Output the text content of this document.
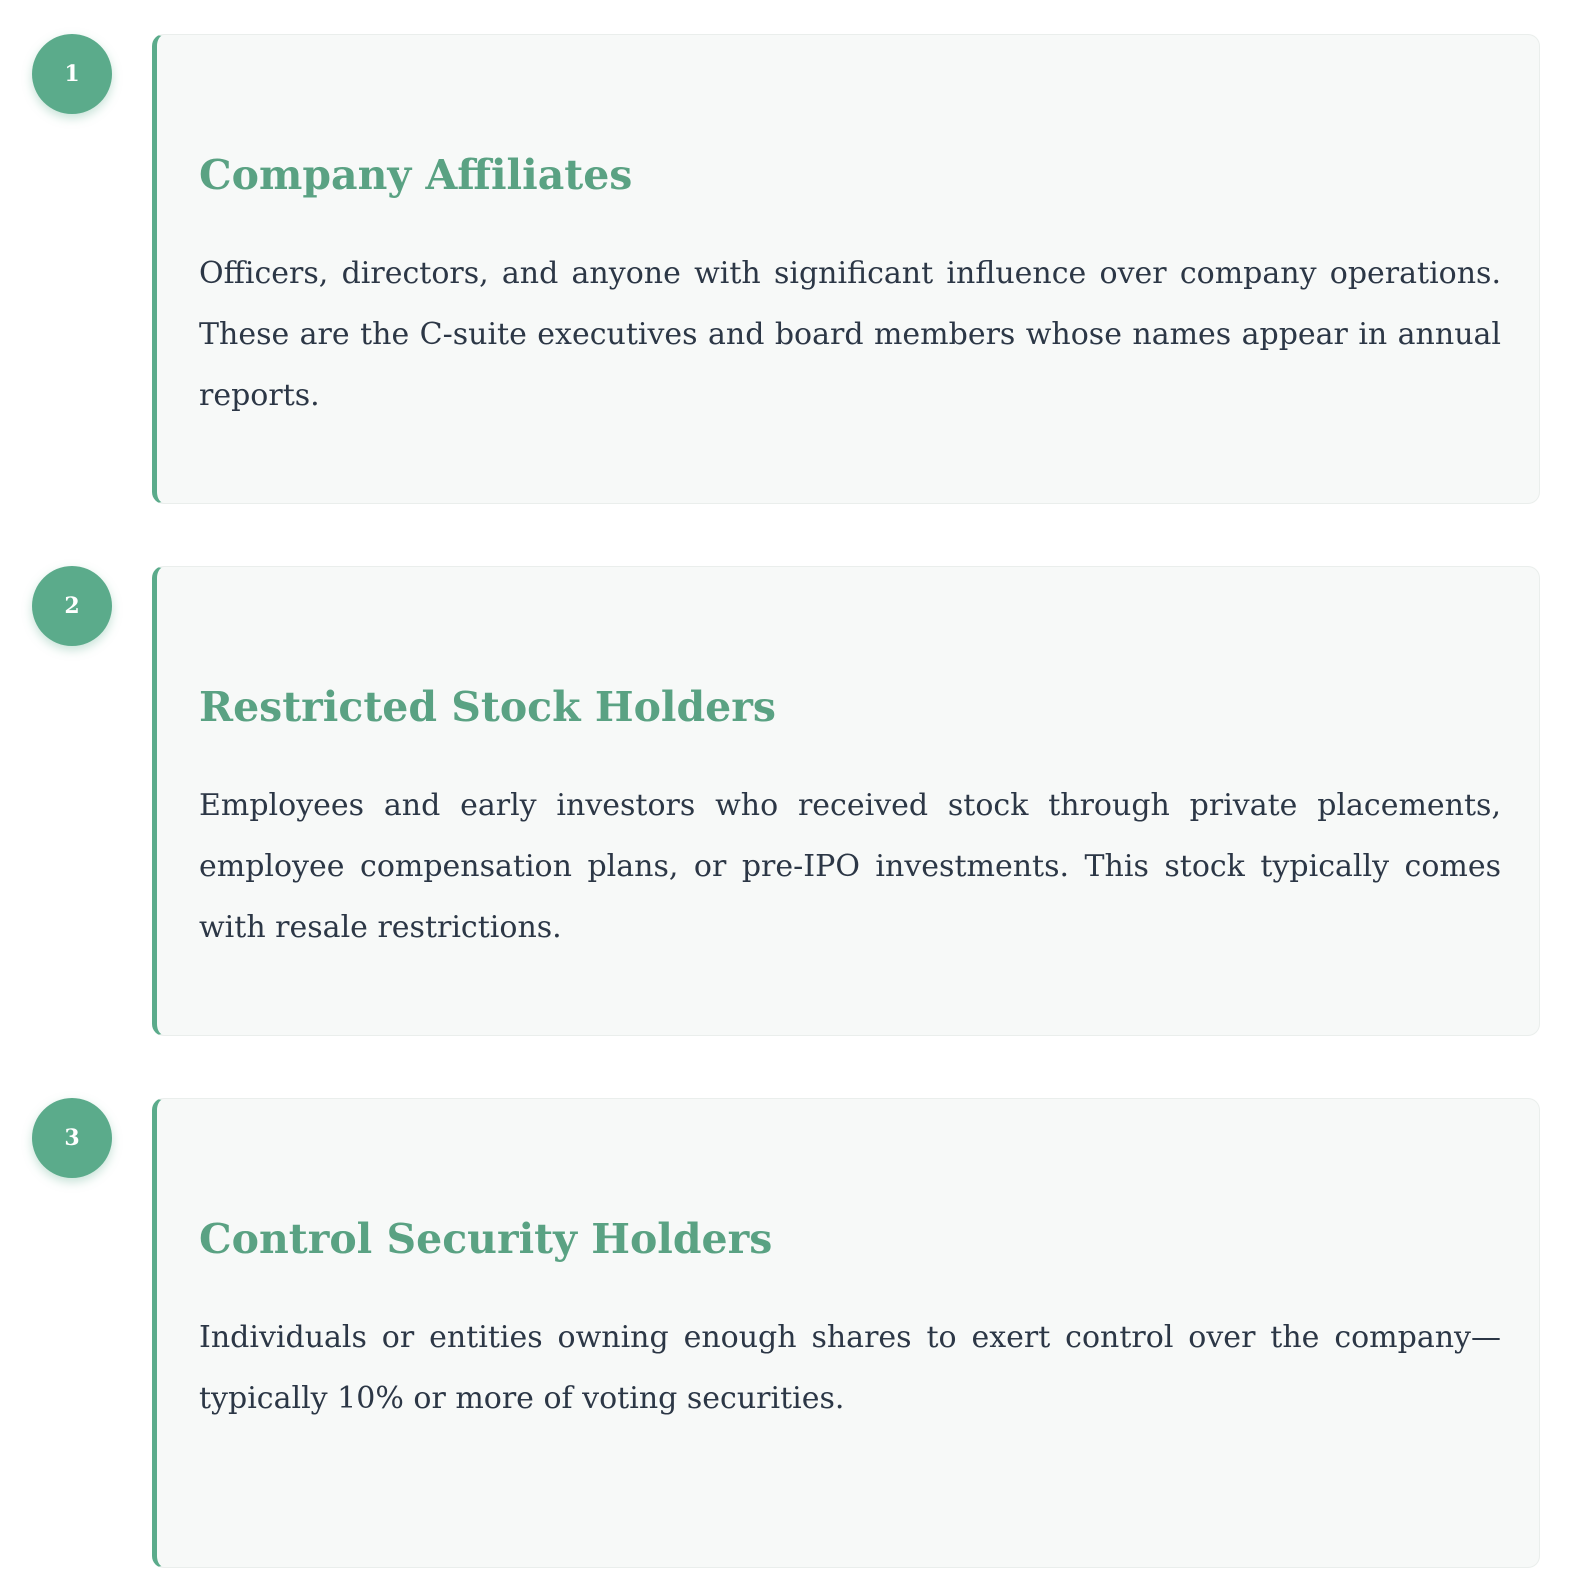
1
Company Affiliates

Officers, directors, and anyone with significant influence over company operations. These are the C-suite executives and board members whose names appear in annual reports.

2
Restricted Stock Holders

Employees and early investors who received stock through private placements, employee compensation plans, or pre-IPO investments. This stock typically comes with resale restrictions.

3
Control Security Holders

Individuals or entities owning enough shares to exert control over the company—typically 10% or more of voting securities.
